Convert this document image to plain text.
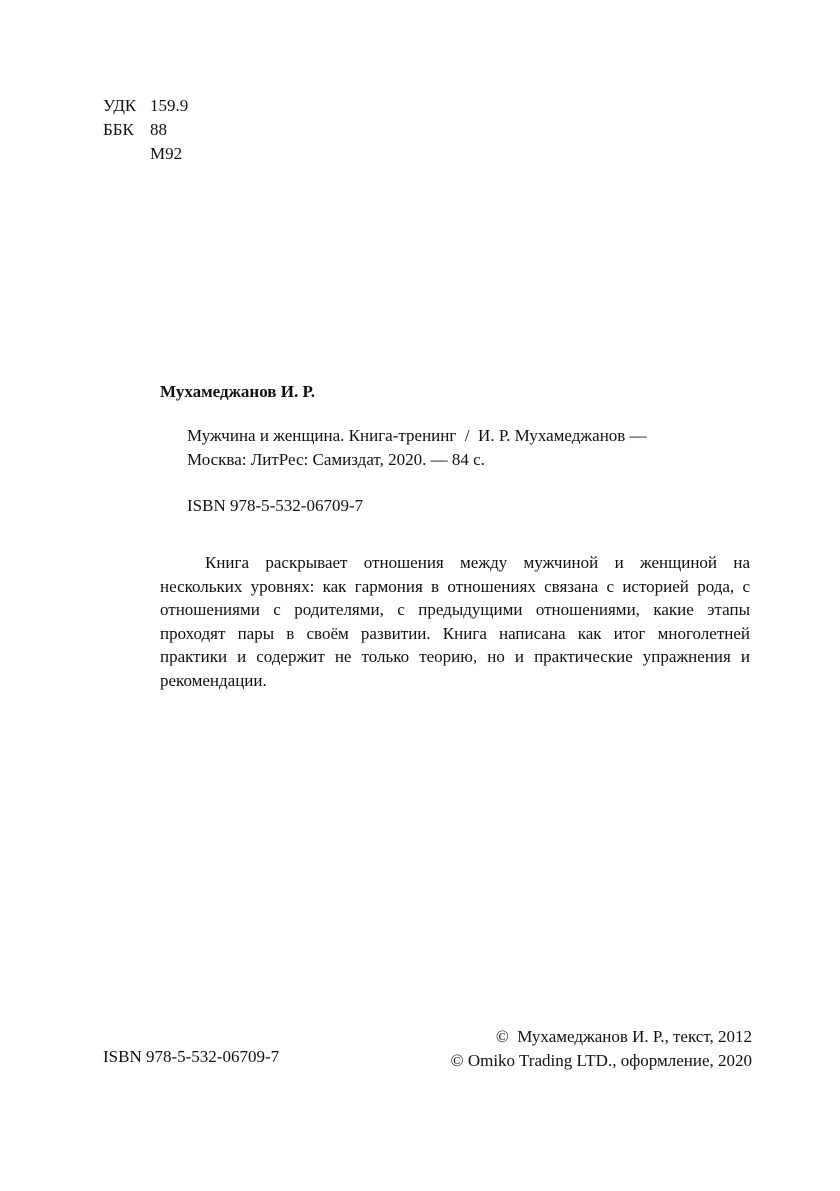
УДК 159.9
ББК 88
М92
Мухамеджанов И. Р.
Мужчина и женщина. Книга-тренинг  /  И. Р. Мухамеджанов —
Москва: ЛитРес: Самиздат, 2020. — 84 с.
ISBN 978-5-532-06709-7
Книга раскрывает отношения между мужчиной и женщиной на нескольких уровнях: как гармония в отношениях связана с историей рода, с отношениями с родителями, с предыдущими отношениями, какие этапы проходят пары в своём развитии. Книга написана как итог многолетней практики и содержит не только теорию, но и практические упражнения и рекомендации.
ISBN 978-5-532-06709-7
©  Мухамеджанов И. Р., текст, 2012
© Omiko Trading LTD., оформление, 2020
